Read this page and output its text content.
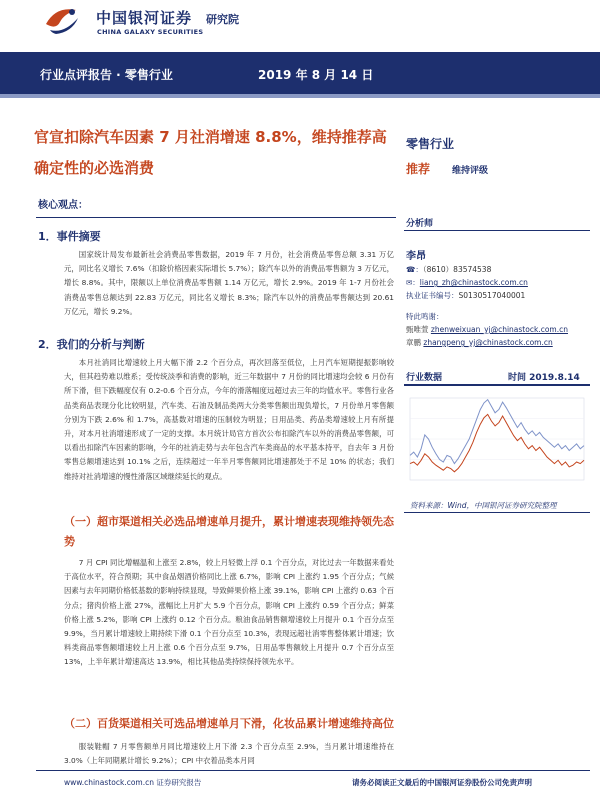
中国银河证券 研究院
CHINA GALAXY SECURITIES
行业点评报告 · 零售行业	2019 年 8 月 14 日
官宣扣除汽车因素 7 月社消增速 8.8%，维持推荐高确定性的必选消费
核心观点：
零售行业
推荐 维持评级
分析师
李昂
☎：（8610）83574538
✉：liang_zh@chinastock.com.cn
执业证书编号：S0130517040001
特此鸣谢：
甄唯萱 zhenweixuan_yj@chinastock.com.cn
章鹏 zhangpeng_yj@chinastock.com.cn
行业数据	时间 2019.8.14
资料来源：Wind，中国银河证券研究院整理
1．事件摘要

国家统计局发布最新社会消费品零售数据，2019 年 7 月份，社会消费品零售总额 3.31 万亿元，同比名义增长 7.6%（扣除价格因素实际增长 5.7%）；除汽车以外的消费品零售额为 3 万亿元，增长 8.8%。其中，限额以上单位消费品零售额 1.14 万亿元，增长 2.9%。2019 年 1-7 月份社会消费品零售总额达到 22.83 万亿元，同比名义增长 8.3%；除汽车以外的消费品零售额达到 20.61 万亿元，增长 9.2%。

2．我们的分析与判断

本月社消同比增速较上月大幅下滑 2.2 个百分点，再次回落至低位，上月汽车短期提振影响较大，但其趋势难以维系；受传统淡季和消费的影响，近三年数据中 7 月份的同比增速均会较 6 月份有所下滑，但下跌幅度仅有 0.2-0.6 个百分点，今年的滑落幅度远超过去三年的均值水平。零售行业各品类商品表现分化比较明显，汽车类、石油及制品类两大分类零售额出现负增长，7 月份单月零售额分别为下跌 2.6% 和 1.7%，高基数对增速的压制较为明显；日用品类、药品类增速较上月有所提升，对本月社消增速形成了一定的支撑。本月统计局官方首次公布扣除汽车以外的消费品零售额，可以看出扣除汽车因素的影响，今年的社消走势与去年包含汽车类商品的水平基本持平，自去年 3 月份零售总额增速达到 10.1% 之后，连续超过一年半月零售额同比增速都处于不足 10% 的状态；我们维持对社消增速的慢性滑落区域继续延长的观点。

（一）超市渠道相关必选品增速单月提升，累计增速表现维持领先态势

7 月 CPI 同比增幅温和上涨至 2.8%，较上月轻微上浮 0.1 个百分点，对比过去一年数据来看处于高位水平，符合预期；其中食品烟酒价格同比上涨 6.7%，影响 CPI 上涨约 1.95 个百分点；气候因素与去年同期价格低基数的影响持续显现，导致鲜果价格上涨 39.1%，影响 CPI 上涨约 0.63 个百分点；猪肉价格上涨 27%，涨幅比上月扩大 5.9 个百分点，影响 CPI 上涨约 0.59 个百分点；鲜菜价格上涨 5.2%，影响 CPI 上涨约 0.12 个百分点。粮油食品销售额增速较上月提升 0.1 个百分点至 9.9%，当月累计增速较上期持续下滑 0.1 个百分点至 10.3%，表现远超社消零售整体累计增速；饮料类商品零售额增速较上月上涨 0.6 个百分点至 9.7%，日用品零售额较上月提升 0.7 个百分点至 13%，上半年累计增速高达 13.9%，相比其他品类持续保持领先水平。

（二）百货渠道相关可选品增速单月下滑，化妆品累计增速维持高位

服装鞋帽 7 月零售额单月同比增速较上月下滑 2.3 个百分点至 2.9%，当月累计增速维持在 3.0%（上年同期累计增长 9.2%）；CPI 中衣着品类本月同

www.chinastock.com.cn 证券研究报告	请务必阅读正文最后的中国银河证券股份公司免责声明
